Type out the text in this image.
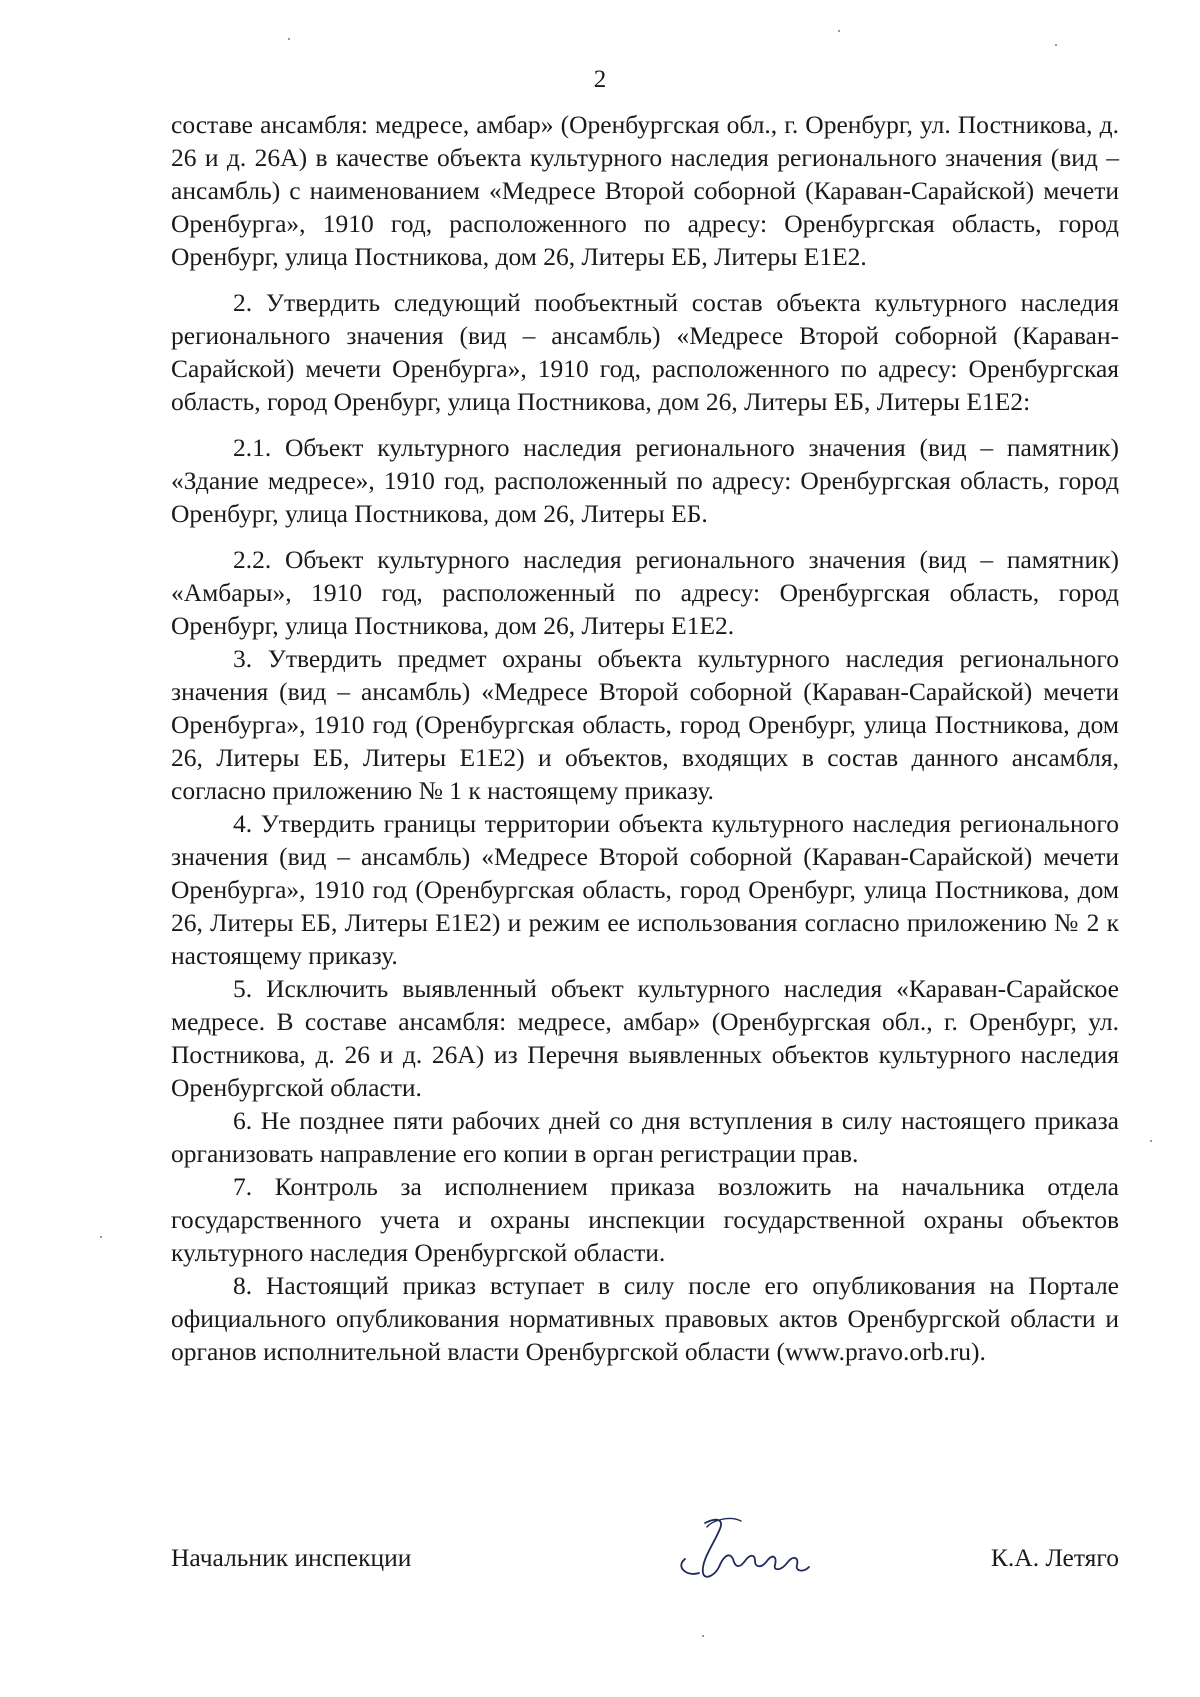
2

составе ансамбля: медресе, амбар» (Оренбургская обл., г. Оренбург, ул. Постникова, д. 26 и д. 26А) в качестве объекта культурного наследия регионального значения (вид – ансамбль) с наименованием «Медресе Второй соборной (Караван-Сарайской) мечети Оренбурга», 1910 год, расположенного по адресу: Оренбургская область, город Оренбург, улица Постникова, дом 26, Литеры ЕБ, Литеры Е1Е2.

2. Утвердить следующий пообъектный состав объекта культурного наследия регионального значения (вид – ансамбль) «Медресе Второй соборной (Караван-Сарайской) мечети Оренбурга», 1910 год, расположенного по адресу: Оренбургская область, город Оренбург, улица Постникова, дом 26, Литеры ЕБ, Литеры Е1Е2:

2.1. Объект культурного наследия регионального значения (вид – памятник) «Здание медресе», 1910 год, расположенный по адресу: Оренбургская область, город Оренбург, улица Постникова, дом 26, Литеры ЕБ.

2.2. Объект культурного наследия регионального значения (вид – памятник) «Амбары», 1910 год, расположенный по адресу: Оренбургская область, город Оренбург, улица Постникова, дом 26, Литеры Е1Е2.

3. Утвердить предмет охраны объекта культурного наследия регионального значения (вид – ансамбль) «Медресе Второй соборной (Караван-Сарайской) мечети Оренбурга», 1910 год (Оренбургская область, город Оренбург, улица Постникова, дом 26, Литеры ЕБ, Литеры Е1Е2) и объектов, входящих в состав данного ансамбля, согласно приложению № 1 к настоящему приказу.

4. Утвердить границы территории объекта культурного наследия регионального значения (вид – ансамбль) «Медресе Второй соборной (Караван-Сарайской) мечети Оренбурга», 1910 год (Оренбургская область, город Оренбург, улица Постникова, дом 26, Литеры ЕБ, Литеры Е1Е2) и режим ее использования согласно приложению № 2 к настоящему приказу.

5. Исключить выявленный объект культурного наследия «Караван-Сарайское медресе. В составе ансамбля: медресе, амбар» (Оренбургская обл., г. Оренбург, ул. Постникова, д. 26 и д. 26А) из Перечня выявленных объектов культурного наследия Оренбургской области.

6. Не позднее пяти рабочих дней со дня вступления в силу настоящего приказа организовать направление его копии в орган регистрации прав.

7. Контроль за исполнением приказа возложить на начальника отдела государственного учета и охраны инспекции государственной охраны объектов культурного наследия Оренбургской области.

8. Настоящий приказ вступает в силу после его опубликования на Портале официального опубликования нормативных правовых актов Оренбургской области и органов исполнительной власти Оренбургской области (www.pravo.orb.ru).

Начальник инспекции	К.А. Летяго
